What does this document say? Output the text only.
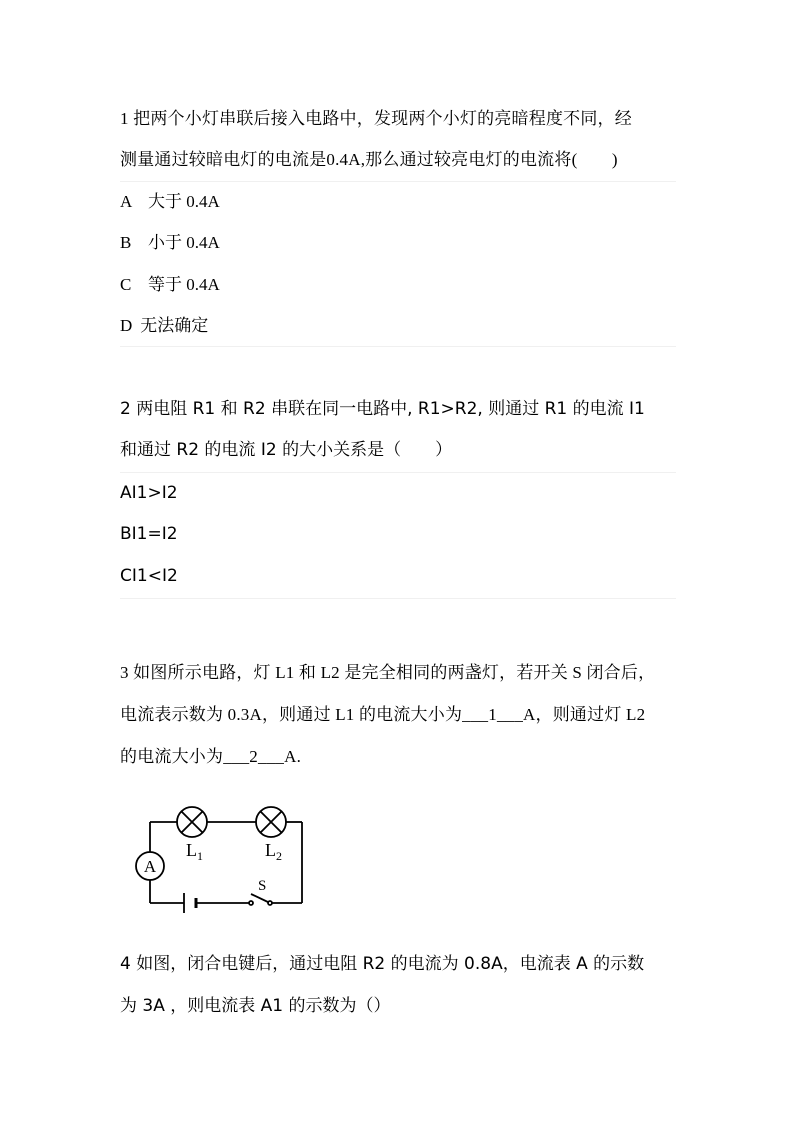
1 把两个小灯串联后接入电路中，发现两个小灯的亮暗程度不同，经
测量通过较暗电灯的电流是0.4A,那么通过较亮电灯的电流将(　　)
A 大于 0.4A
B 小于 0.4A
C 等于 0.4A
D 无法确定
2 两电阻 R1 和 R2 串联在同一电路中, R1>R2, 则通过 R1 的电流 I1
和通过 R2 的电流 I2 的大小关系是（　　）
AI1>I2
BI1=I2
CI1<I2
3 如图所示电路，灯 L1 和 L2 是完全相同的两盏灯，若开关 S 闭合后，
电流表示数为 0.3A，则通过 L1 的电流大小为___1___A，则通过灯 L2
的电流大小为___2___A.
A
L 1	L 2
S
4 如图，闭合电键后，通过电阻 R2 的电流为 0.8A，电流表 A 的示数
为 3A ，则电流表 A1 的示数为（）
